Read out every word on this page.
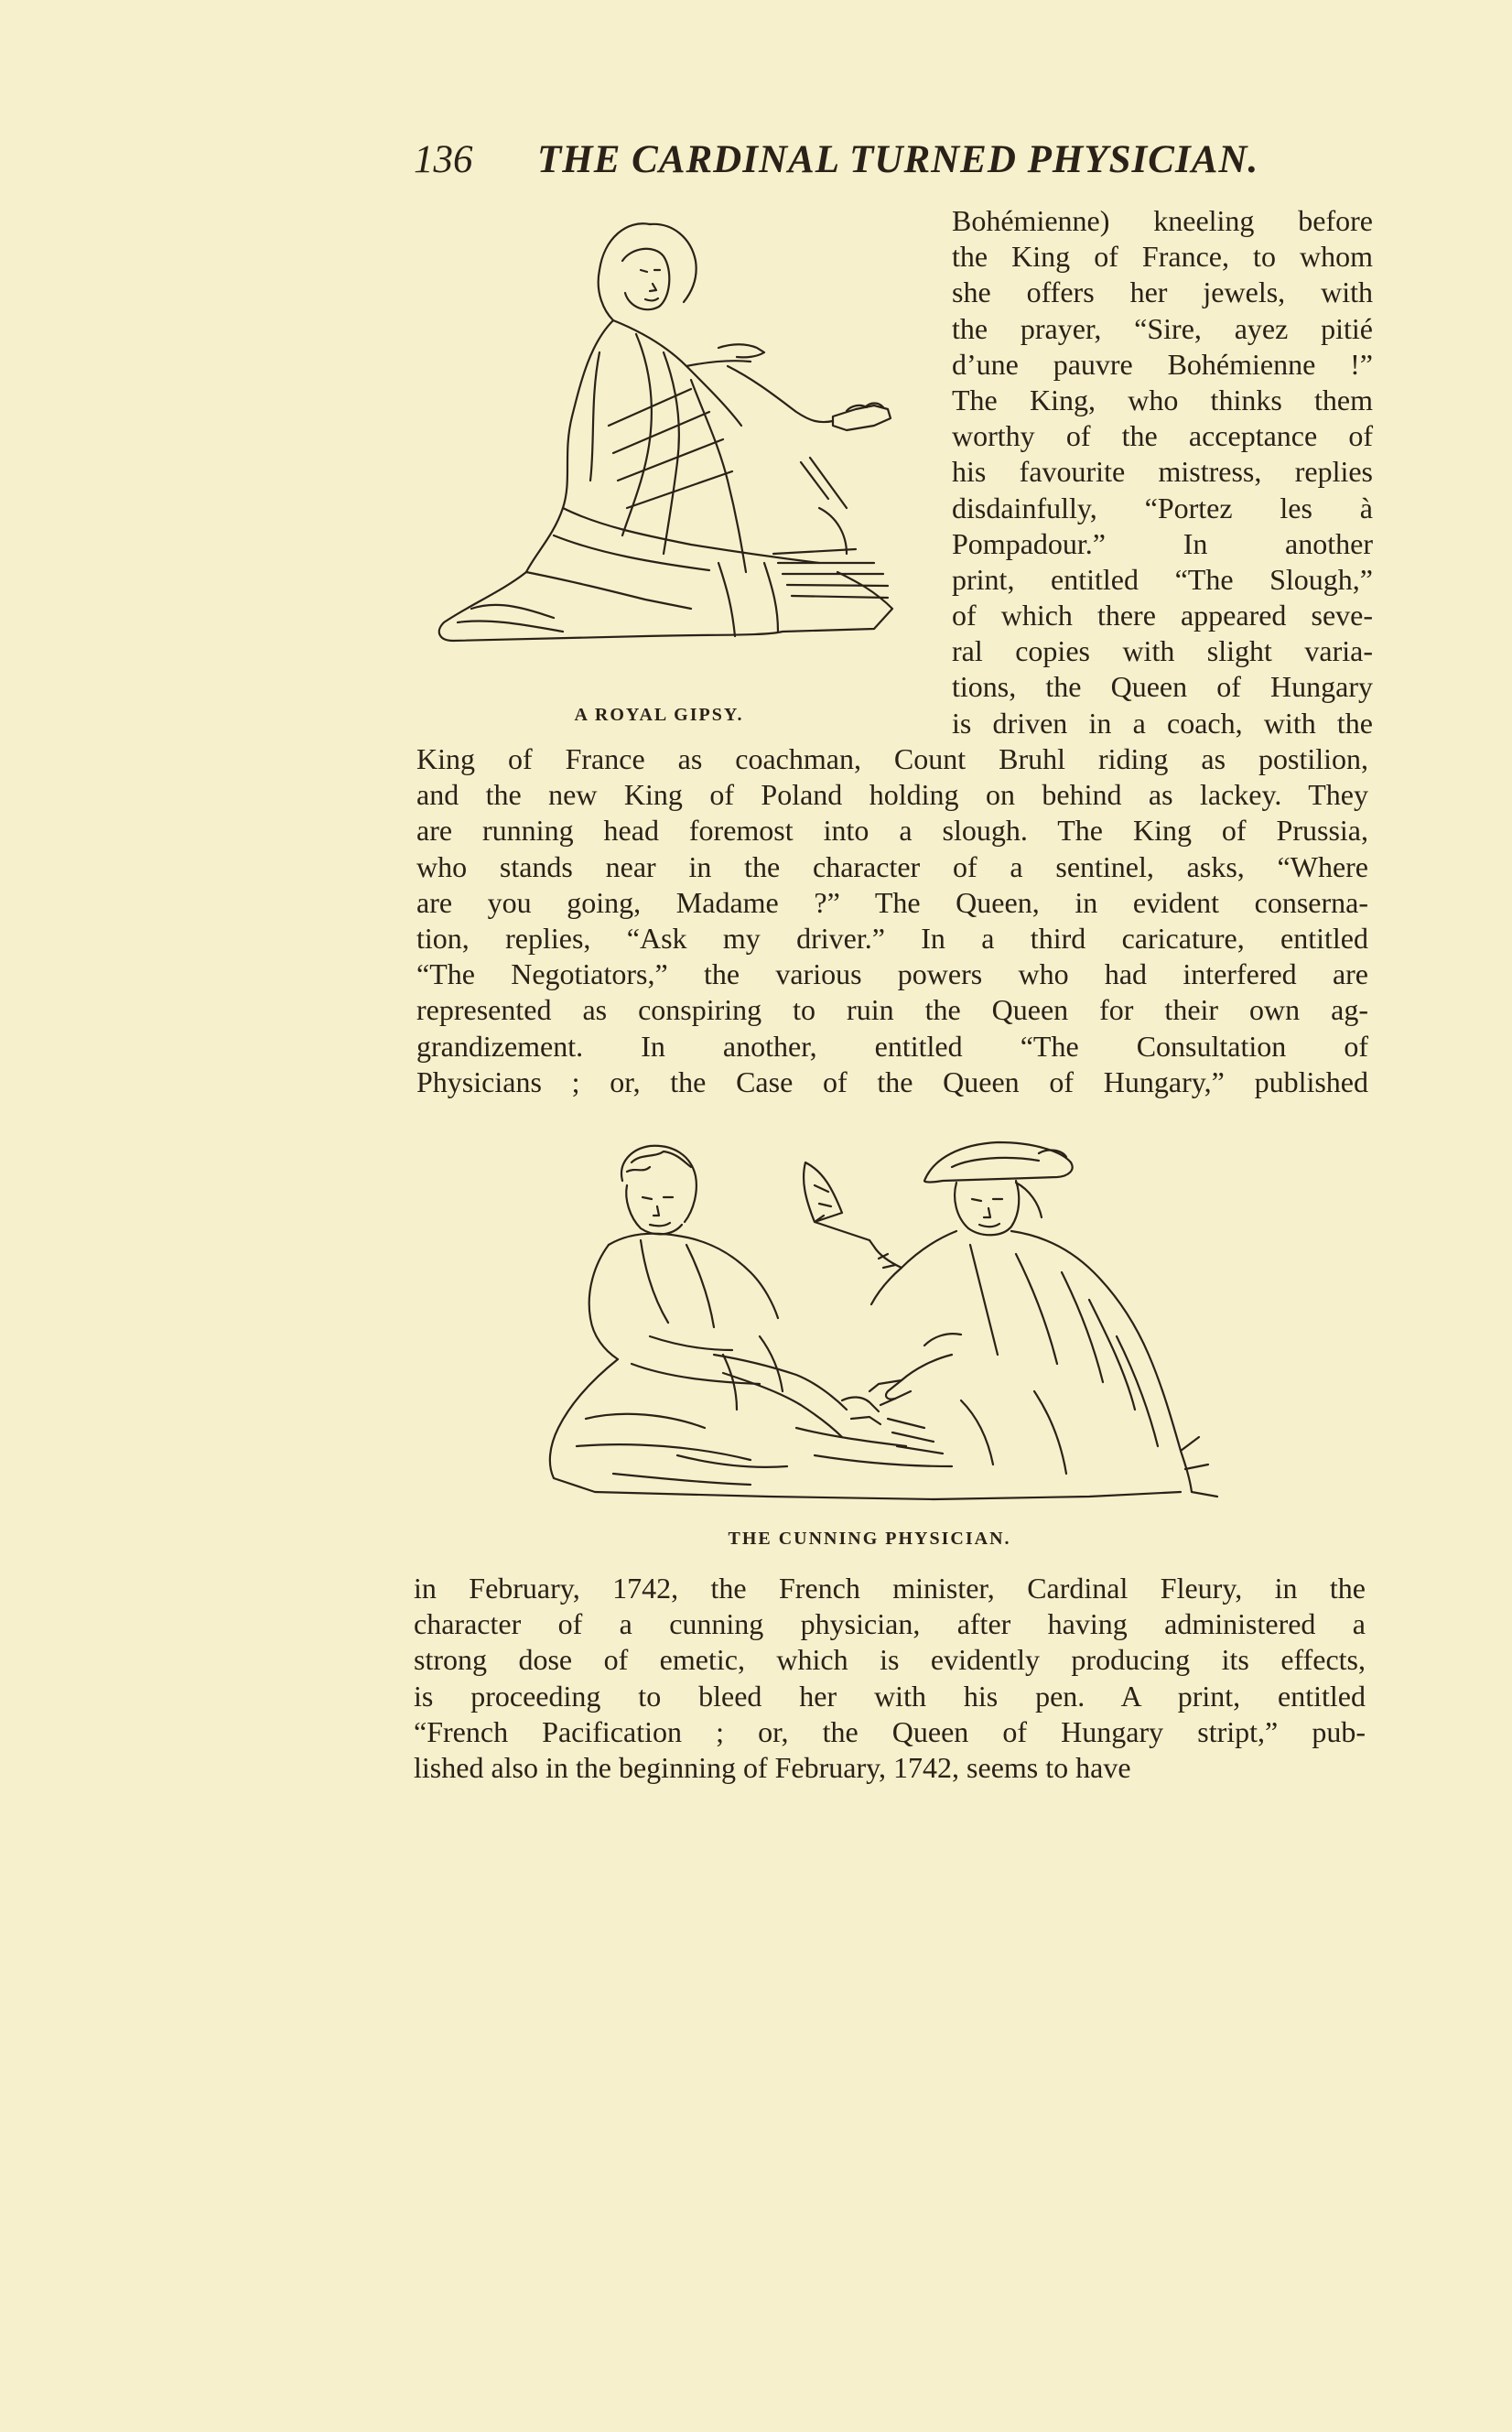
136 THE CARDINAL TURNED PHYSICIAN.
A ROYAL GIPSY.
Bohémienne) kneeling before
the King of France, to whom
she offers her jewels, with
the prayer, “Sire, ayez pitié
d’une pauvre Bohémienne !”
The King, who thinks them
worthy of the acceptance of
his favourite mistress, replies
disdainfully, “Portez les à
Pompadour.” In another
print, entitled “The Slough,”
of which there appeared seve-
ral copies with slight varia-
tions, the Queen of Hungary
is driven in a coach, with the
King of France as coachman, Count Bruhl riding as postilion,
and the new King of Poland holding on behind as lackey. They
are running head foremost into a slough. The King of Prussia,
who stands near in the character of a sentinel, asks, “Where
are you going, Madame ?” The Queen, in evident conserna-
tion, replies, “Ask my driver.” In a third caricature, entitled
“The Negotiators,” the various powers who had interfered are
represented as conspiring to ruin the Queen for their own ag-
grandizement. In another, entitled “The Consultation of
Physicians ; or, the Case of the Queen of Hungary,” published
THE CUNNING PHYSICIAN.
in February, 1742, the French minister, Cardinal Fleury, in the
character of a cunning physician, after having administered a
strong dose of emetic, which is evidently producing its effects,
is proceeding to bleed her with his pen. A print, entitled
“French Pacification ; or, the Queen of Hungary stript,” pub-
lished also in the beginning of February, 1742, seems to have
